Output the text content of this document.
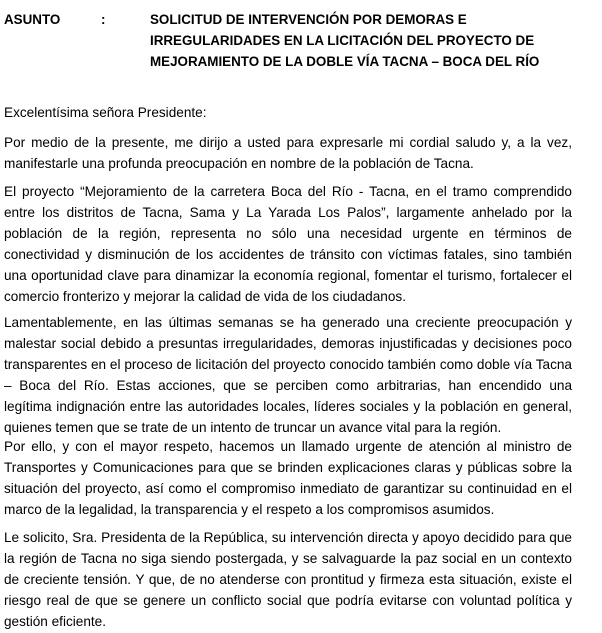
ASUNTO	:	SOLICITUD DE INTERVENCIÓN POR DEMORAS E IRREGULARIDADES EN LA LICITACIÓN DEL PROYECTO DE MEJORAMIENTO DE LA DOBLE VÍA TACNA – BOCA DEL RÍO
Excelentísima señora Presidente:

Por medio de la presente, me dirijo a usted para expresarle mi cordial saludo y, a la vez, manifestarle una profunda preocupación en nombre de la población de Tacna.

El proyecto “Mejoramiento de la carretera Boca del Río - Tacna, en el tramo comprendido entre los distritos de Tacna, Sama y La Yarada Los Palos”, largamente anhelado por la población de la región, representa no sólo una necesidad urgente en términos de conectividad y disminución de los accidentes de tránsito con víctimas fatales, sino también una oportunidad clave para dinamizar la economía regional, fomentar el turismo, fortalecer el comercio fronterizo y mejorar la calidad de vida de los ciudadanos.

Lamentablemente, en las últimas semanas se ha generado una creciente preocupación y malestar social debido a presuntas irregularidades, demoras injustificadas y decisiones poco transparentes en el proceso de licitación del proyecto conocido también como doble vía Tacna – Boca del Río. Estas acciones, que se perciben como arbitrarias, han encendido una legítima indignación entre las autoridades locales, líderes sociales y la población en general, quienes temen que se trate de un intento de truncar un avance vital para la región.

Por ello, y con el mayor respeto, hacemos un llamado urgente de atención al ministro de Transportes y Comunicaciones para que se brinden explicaciones claras y públicas sobre la situación del proyecto, así como el compromiso inmediato de garantizar su continuidad en el marco de la legalidad, la transparencia y el respeto a los compromisos asumidos.

Le solicito, Sra. Presidenta de la República, su intervención directa y apoyo decidido para que la región de Tacna no siga siendo postergada, y se salvaguarde la paz social en un contexto de creciente tensión. Y que, de no atenderse con prontitud y firmeza esta situación, existe el riesgo real de que se genere un conflicto social que podría evitarse con voluntad política y gestión eficiente.
